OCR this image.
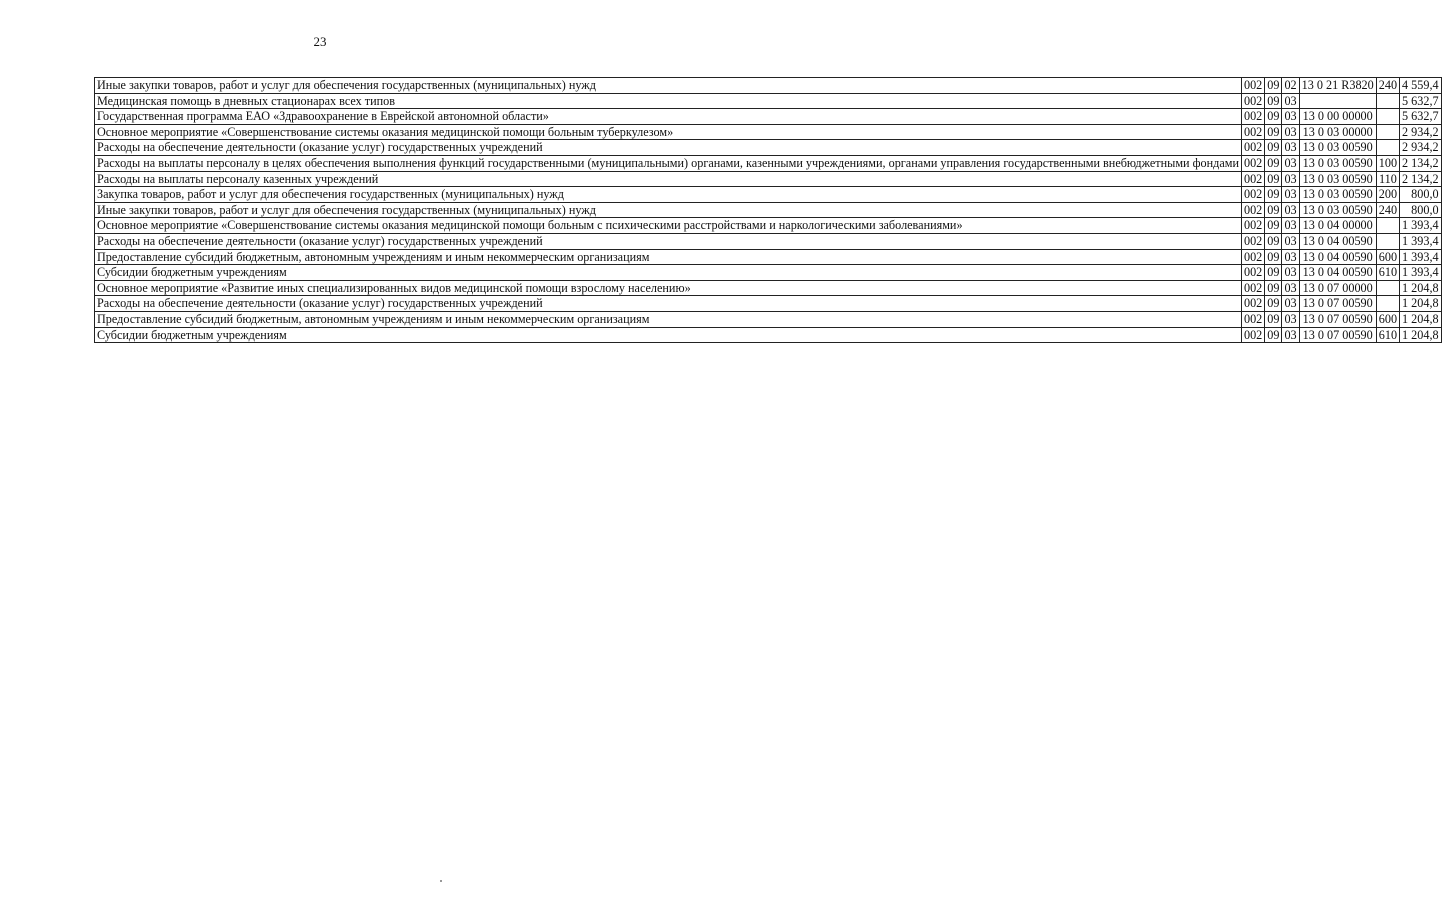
23
Иные закупки товаров, работ и услуг для обеспечения государственных (муниципальных) нужд	002	09	02	13 0 21 R3820	240	4 559,4
Медицинская помощь в дневных стационарах всех типов	002	09	03			5 632,7
Государственная программа ЕАО «Здравоохранение в Еврейской автономной области»	002	09	03	13 0 00 00000		5 632,7
Основное мероприятие «Совершенствование системы оказания медицинской помощи больным туберкулезом»	002	09	03	13 0 03 00000		2 934,2
Расходы на обеспечение деятельности (оказание услуг) государственных учреждений	002	09	03	13 0 03 00590		2 934,2
Расходы на выплаты персоналу в целях обеспечения выполнения функций государственными (муниципальными) органами, казенными учреждениями, органами управления государственными внебюджетными фондами	002	09	03	13 0 03 00590	100	2 134,2
Расходы на выплаты персоналу казенных учреждений	002	09	03	13 0 03 00590	110	2 134,2
Закупка товаров, работ и услуг для обеспечения государственных (муниципальных) нужд	002	09	03	13 0 03 00590	200	800,0
Иные закупки товаров, работ и услуг для обеспечения государственных (муниципальных) нужд	002	09	03	13 0 03 00590	240	800,0
Основное мероприятие «Совершенствование системы оказания медицинской помощи больным с психическими расстройствами и наркологическими заболеваниями»	002	09	03	13 0 04 00000		1 393,4
Расходы на обеспечение деятельности (оказание услуг) государственных учреждений	002	09	03	13 0 04 00590		1 393,4
Предоставление субсидий бюджетным, автономным учреждениям и иным некоммерческим организациям	002	09	03	13 0 04 00590	600	1 393,4
Субсидии бюджетным учреждениям	002	09	03	13 0 04 00590	610	1 393,4
Основное мероприятие «Развитие иных специализированных видов медицинской помощи взрослому населению»	002	09	03	13 0 07 00000		1 204,8
Расходы на обеспечение деятельности (оказание услуг) государственных учреждений	002	09	03	13 0 07 00590		1 204,8
Предоставление субсидий бюджетным, автономным учреждениям и иным некоммерческим организациям	002	09	03	13 0 07 00590	600	1 204,8
Субсидии бюджетным учреждениям	002	09	03	13 0 07 00590	610	1 204,8
